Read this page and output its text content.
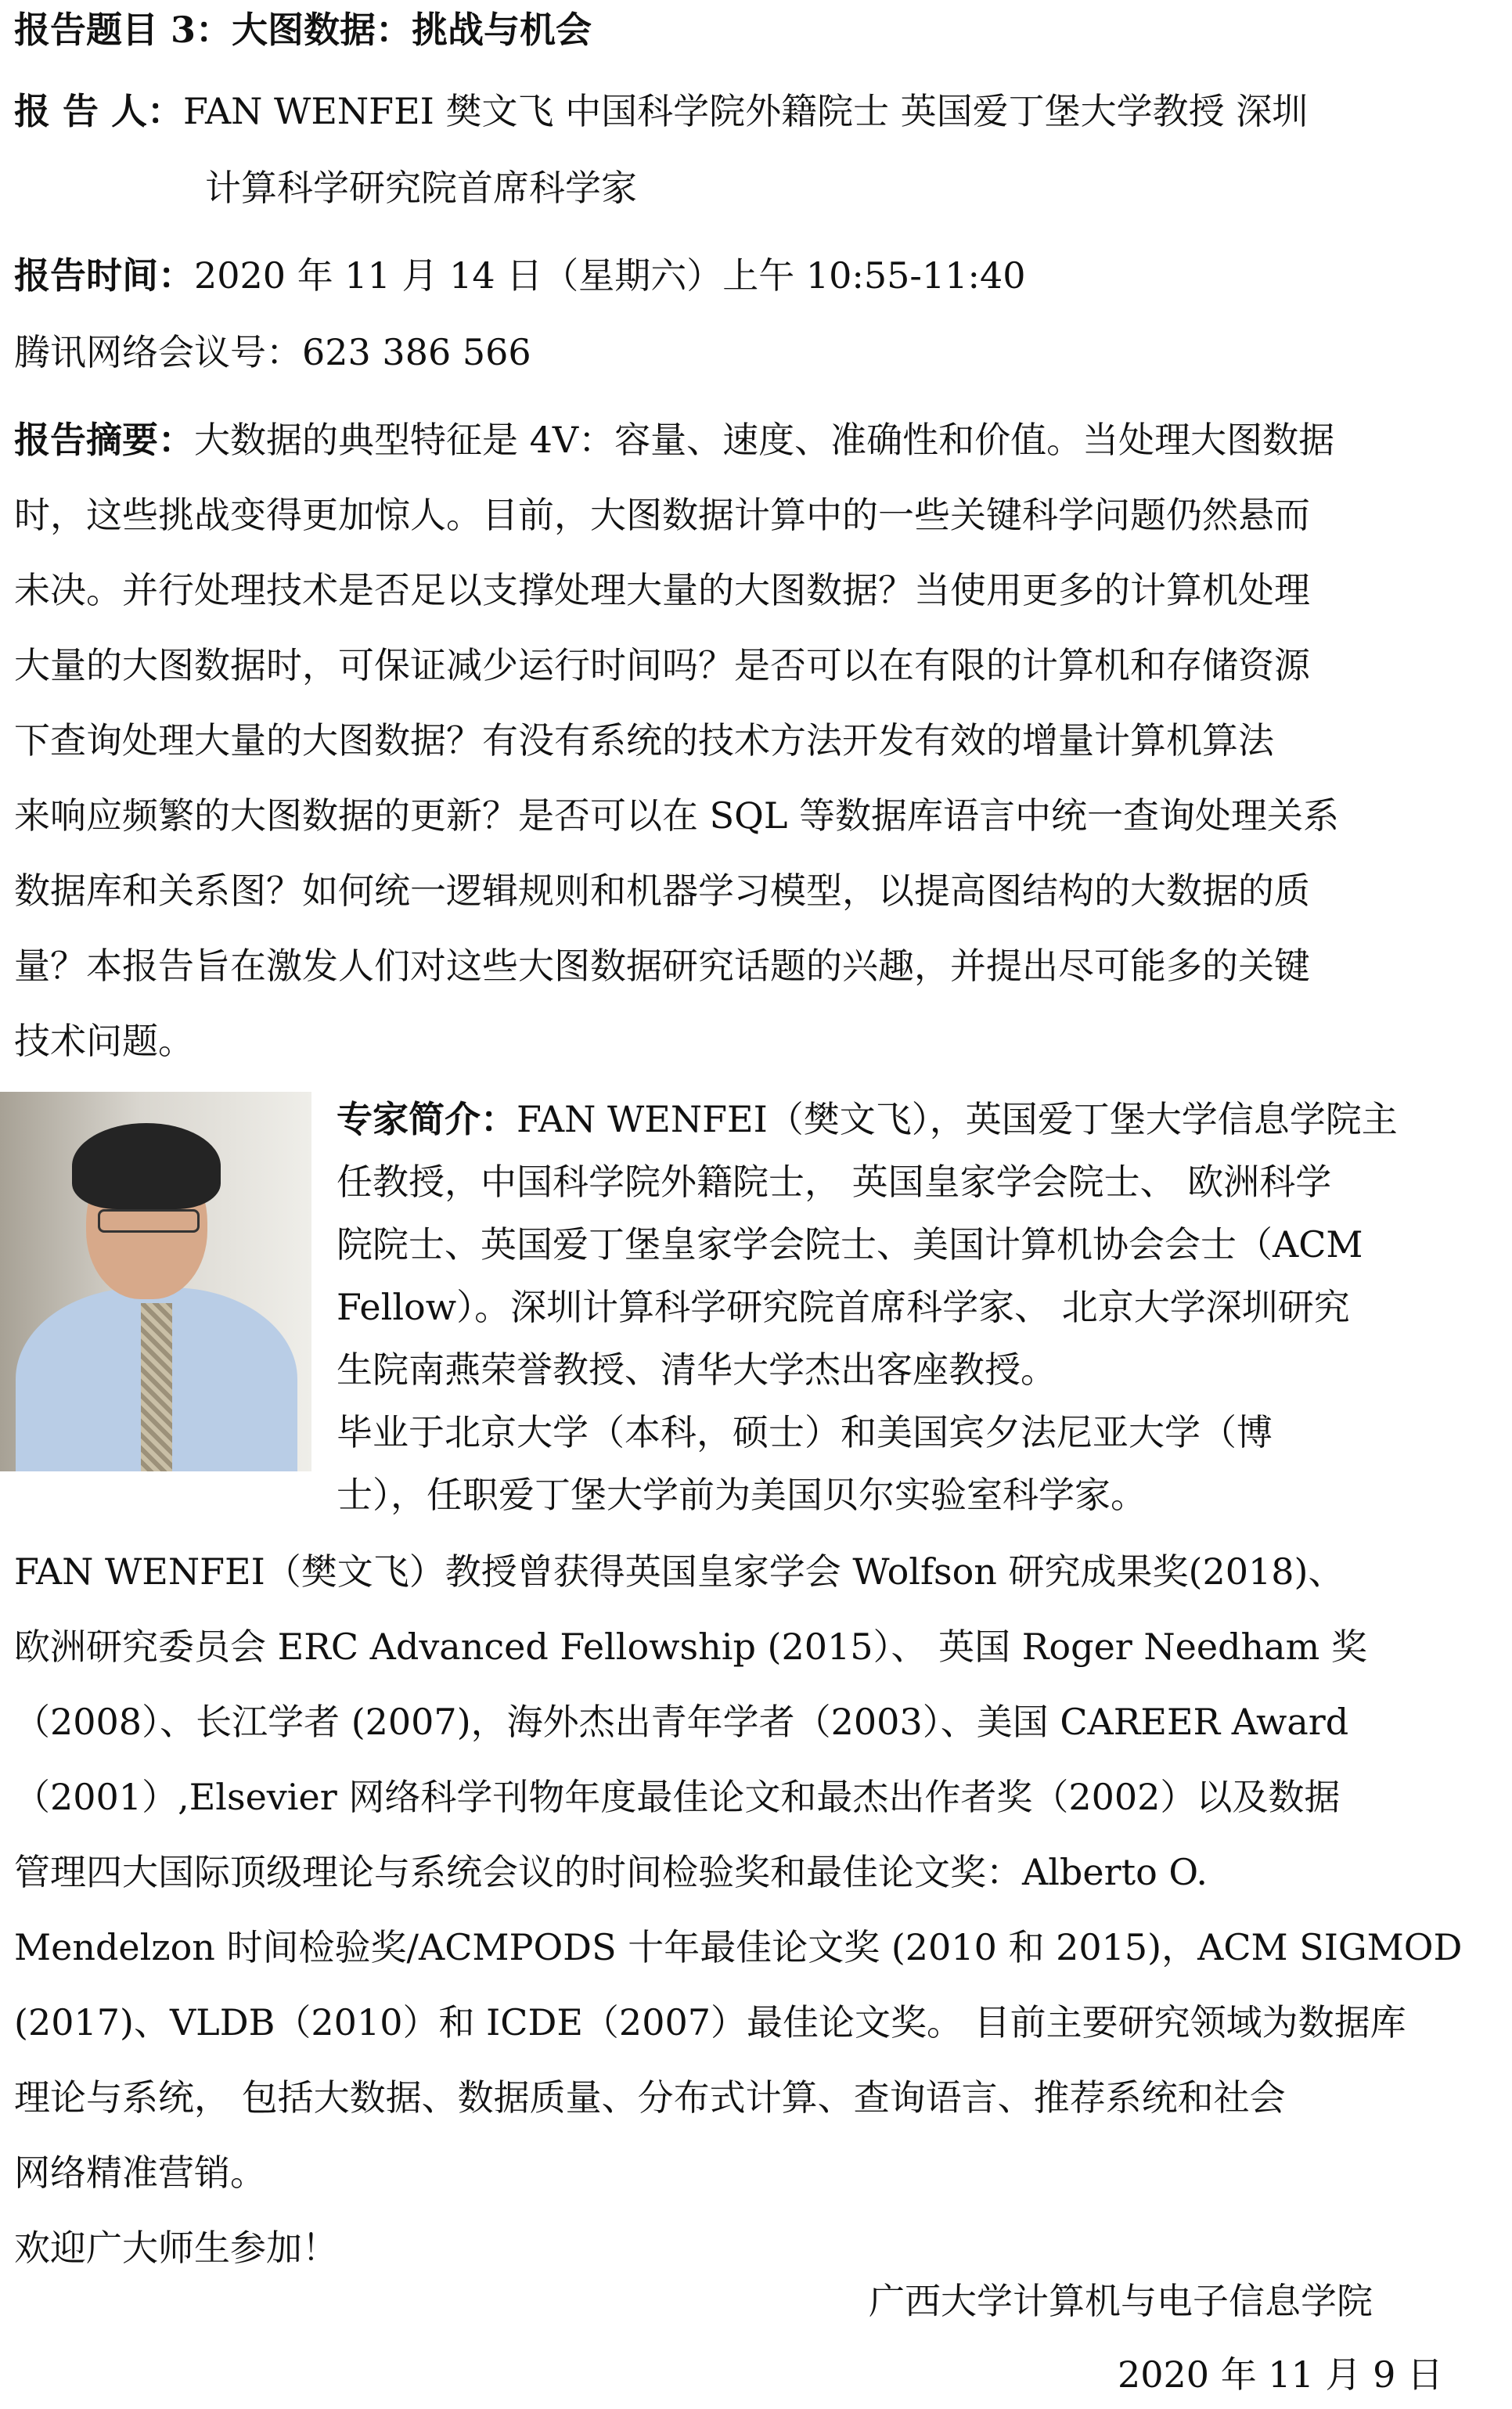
报告题目 3：大图数据：挑战与机会
报 告 人：FAN WENFEI 樊文飞 中国科学院外籍院士 英国爱丁堡大学教授 深圳
计算科学研究院首席科学家
报告时间：2020 年 11 月 14 日（星期六）上午 10:55-11:40
腾讯网络会议号：623 386 566
报告摘要：大数据的典型特征是 4V：容量、速度、准确性和价值。当处理大图数据
时，这些挑战变得更加惊人。目前，大图数据计算中的一些关键科学问题仍然悬而
未决。并行处理技术是否足以支撑处理大量的大图数据？当使用更多的计算机处理
大量的大图数据时，可保证减少运行时间吗？是否可以在有限的计算机和存储资源
下查询处理大量的大图数据？有没有系统的技术方法开发有效的增量计算机算法
来响应频繁的大图数据的更新？是否可以在 SQL 等数据库语言中统一查询处理关系
数据库和关系图？如何统一逻辑规则和机器学习模型，以提高图结构的大数据的质
量？本报告旨在激发人们对这些大图数据研究话题的兴趣，并提出尽可能多的关键
技术问题。
专家简介：FAN WENFEI（樊文飞），英国爱丁堡大学信息学院主
任教授，中国科学院外籍院士， 英国皇家学会院士、 欧洲科学
院院士、英国爱丁堡皇家学会院士、美国计算机协会会士（ACM
Fellow）。深圳计算科学研究院首席科学家、 北京大学深圳研究
生院南燕荣誉教授、清华大学杰出客座教授。
毕业于北京大学（本科，硕士）和美国宾夕法尼亚大学（博
士），任职爱丁堡大学前为美国贝尔实验室科学家。
FAN WENFEI（樊文飞）教授曾获得英国皇家学会 Wolfson 研究成果奖(2018)、
欧洲研究委员会 ERC Advanced Fellowship (2015）、 英国 Roger Needham 奖
（2008）、长江学者 (2007)，海外杰出青年学者（2003）、美国 CAREER Award
（2001）,Elsevier 网络科学刊物年度最佳论文和最杰出作者奖（2002）以及数据
管理四大国际顶级理论与系统会议的时间检验奖和最佳论文奖：Alberto O.
Mendelzon 时间检验奖/ACMPODS 十年最佳论文奖 (2010 和 2015)，ACM SIGMOD
(2017)、VLDB（2010）和 ICDE（2007）最佳论文奖。 目前主要研究领域为数据库
理论与系统， 包括大数据、数据质量、分布式计算、查询语言、推荐系统和社会
网络精准营销。
欢迎广大师生参加！
广西大学计算机与电子信息学院
2020 年 11 月 9 日
